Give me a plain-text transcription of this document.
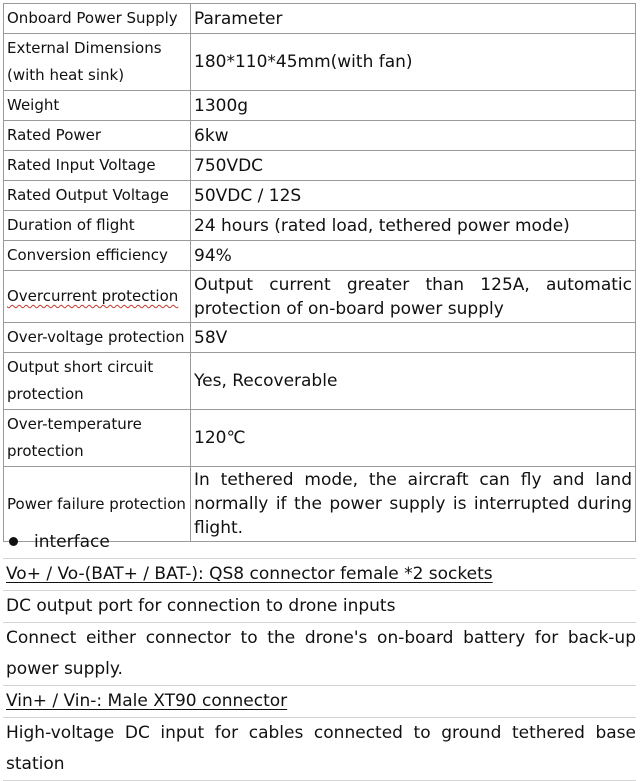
Onboard Power Supply	Parameter

External Dimensions (with heat sink)	180*110*45mm(with fan)
Weight	1300g
Rated Power	6kw
Rated Input Voltage	750VDC
Rated Output Voltage	50VDC / 12S
Duration of flight	24 hours (rated load, tethered power mode)
Conversion efficiency	94%
Overcurrent protection	Output current greater than 125A, automatic protection of on-board power supply

Over-voltage protection	58V

Output short circuit protection	Yes, Recoverable

Over-temperature protection	120℃
Power failure protection	In tethered mode, the aircraft can fly and land normally if the power supply is interrupted during flight.
interface
Vo+ / Vo-(BAT+ / BAT-): QS8 connector female *2 sockets
DC output port for connection to drone inputs
Connect either connector to the drone's on-board battery for back-up power supply.
Vin+ / Vin-: Male XT90 connector
High-voltage DC input for cables connected to ground tethered base station
